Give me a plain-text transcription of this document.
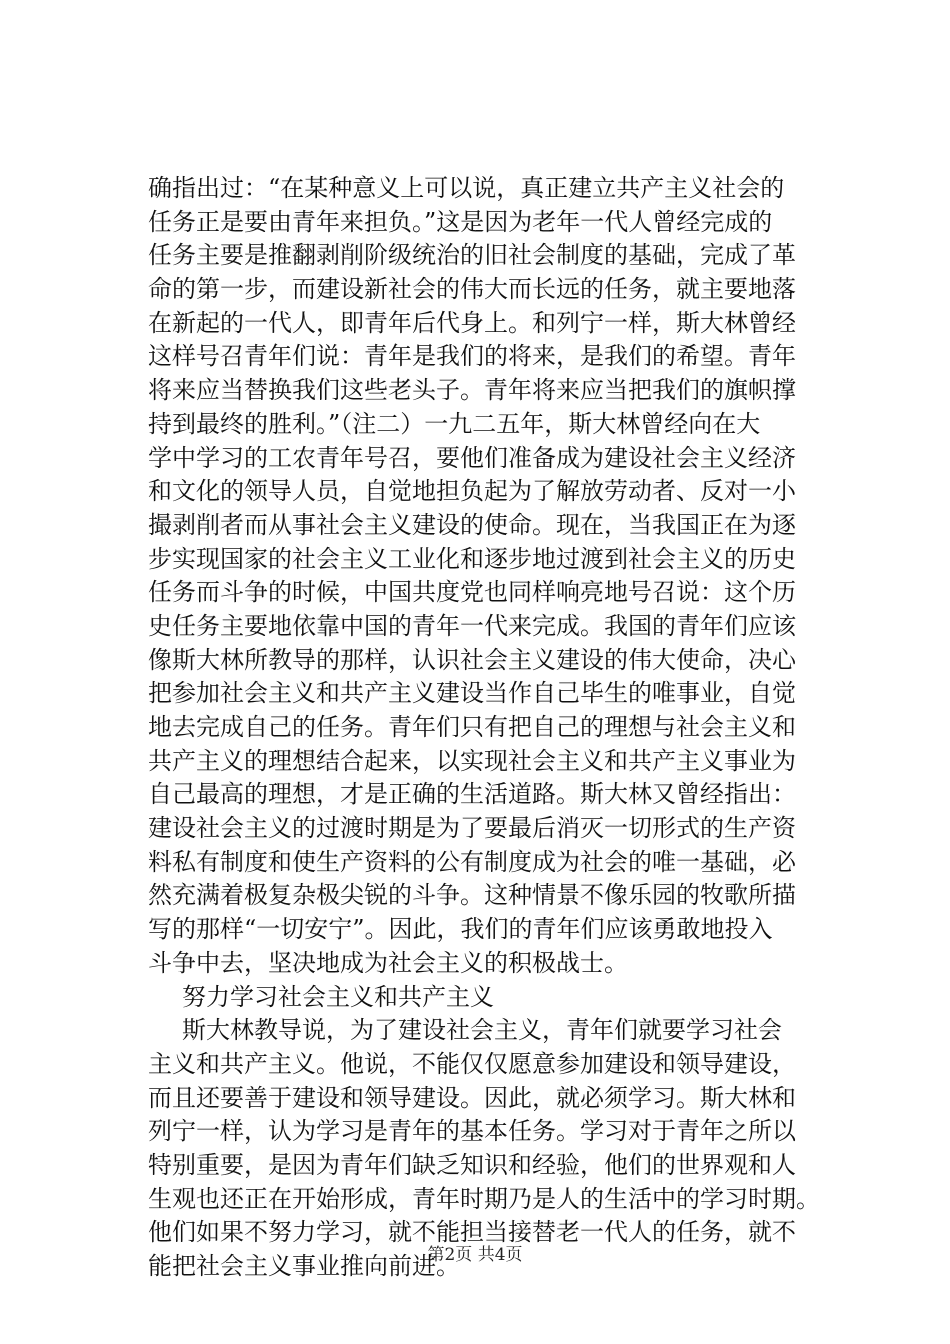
确指出过：“在某种意义上可以说，真正建立共产主义社会的
任务正是要由青年来担负。”这是因为老年一代人曾经完成的
任务主要是推翻剥削阶级统治的旧社会制度的基础，完成了革
命的第一步，而建设新社会的伟大而长远的任务，就主要地落
在新起的一代人，即青年后代身上。和列宁一样，斯大林曾经
这样号召青年们说：青年是我们的将来，是我们的希望。青年
将来应当替换我们这些老头子。青年将来应当把我们的旗帜撑
持到最终的胜利。”（注二）一九二五年，斯大林曾经向在大
学中学习的工农青年号召，要他们准备成为建设社会主义经济
和文化的领导人员，自觉地担负起为了解放劳动者、反对一小
撮剥削者而从事社会主义建设的使命。现在，当我国正在为逐
步实现国家的社会主义工业化和逐步地过渡到社会主义的历史
任务而斗争的时候，中国共度党也同样响亮地号召说：这个历
史任务主要地依靠中国的青年一代来完成。我国的青年们应该
像斯大林所教导的那样，认识社会主义建设的伟大使命，决心
把参加社会主义和共产主义建设当作自己毕生的唯事业，自觉
地去完成自己的任务。青年们只有把自己的理想与社会主义和
共产主义的理想结合起来，以实现社会主义和共产主义事业为
自己最高的理想，才是正确的生活道路。斯大林又曾经指出：
建设社会主义的过渡时期是为了要最后消灭一切形式的生产资
料私有制度和使生产资料的公有制度成为社会的唯一基础，必
然充满着极复杂极尖锐的斗争。这种情景不像乐园的牧歌所描
写的那样“一切安宁”。因此，我们的青年们应该勇敢地投入
斗争中去，坚决地成为社会主义的积极战士。
努力学习社会主义和共产主义
斯大林教导说，为了建设社会主义，青年们就要学习社会
主义和共产主义。他说，不能仅仅愿意参加建设和领导建设，
而且还要善于建设和领导建设。因此，就必须学习。斯大林和
列宁一样，认为学习是青年的基本任务。学习对于青年之所以
特别重要，是因为青年们缺乏知识和经验，他们的世界观和人
生观也还正在开始形成，青年时期乃是人的生活中的学习时期。
他们如果不努力学习，就不能担当接替老一代人的任务，就不
能把社会主义事业推向前进。
第2页 共4页
